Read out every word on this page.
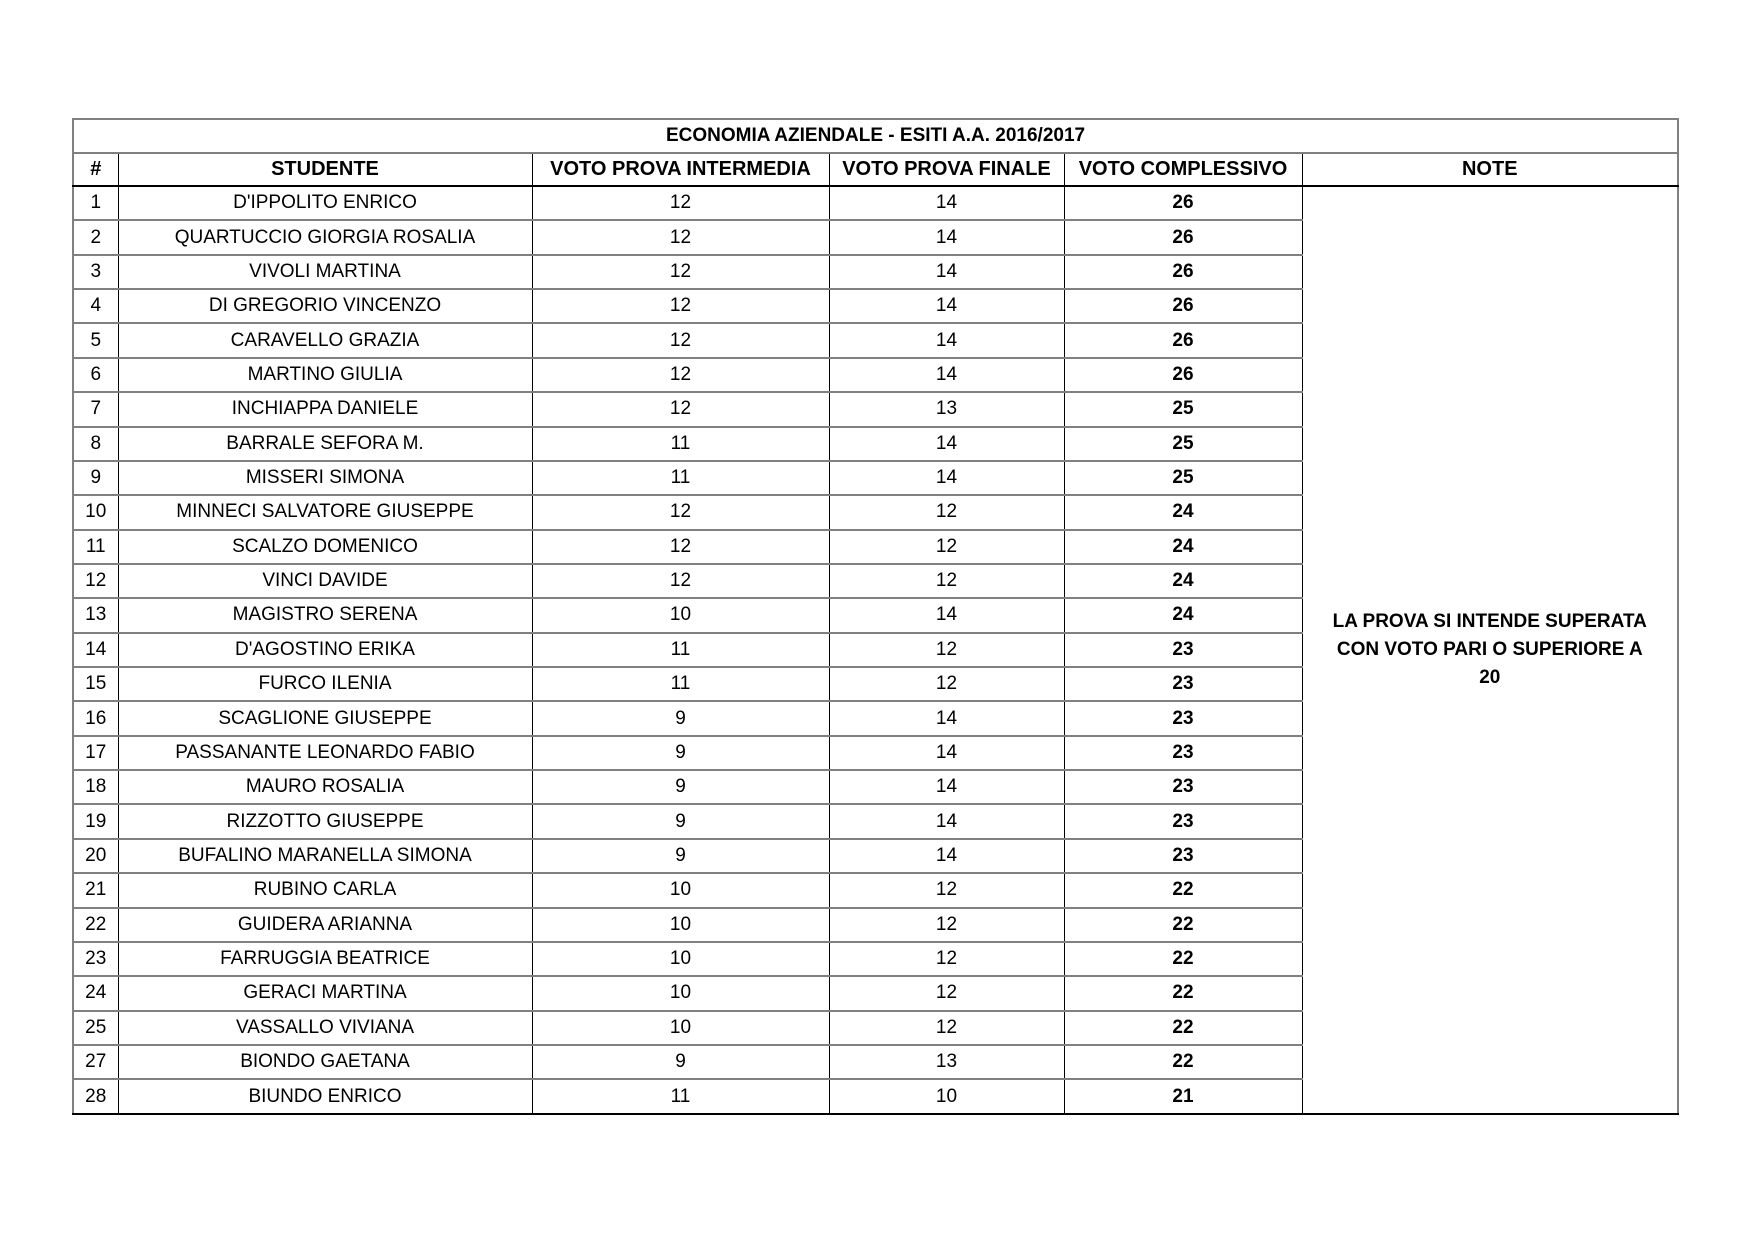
ECONOMIA AZIENDALE - ESITI A.A. 2016/2017					
#	STUDENTE	VOTO PROVA INTERMEDIA	VOTO PROVA FINALE	VOTO COMPLESSIVO	NOTE
1	D'IPPOLITO ENRICO	12	14	26	LA PROVA SI INTENDE SUPERATA
CON VOTO PARI O SUPERIORE A
20

2	QUARTUCCIO GIORGIA ROSALIA	12	14	26	
3	VIVOLI MARTINA	12	14	26	
4	DI GREGORIO VINCENZO	12	14	26	
5	CARAVELLO GRAZIA	12	14	26	
6	MARTINO GIULIA	12	14	26	
7	INCHIAPPA DANIELE	12	13	25	
8	BARRALE SEFORA M.	11	14	25	
9	MISSERI SIMONA	11	14	25	
10	MINNECI SALVATORE GIUSEPPE	12	12	24	
11	SCALZO DOMENICO	12	12	24	
12	VINCI DAVIDE	12	12	24	
13	MAGISTRO SERENA	10	14	24	
14	D'AGOSTINO ERIKA	11	12	23	
15	FURCO ILENIA	11	12	23	
16	SCAGLIONE GIUSEPPE	9	14	23	
17	PASSANANTE LEONARDO FABIO	9	14	23	
18	MAURO ROSALIA	9	14	23	
19	RIZZOTTO GIUSEPPE	9	14	23	
20	BUFALINO MARANELLA SIMONA	9	14	23	
21	RUBINO CARLA	10	12	22	
22	GUIDERA ARIANNA	10	12	22	
23	FARRUGGIA BEATRICE	10	12	22	
24	GERACI MARTINA	10	12	22	
25	VASSALLO VIVIANA	10	12	22	
27	BIONDO GAETANA	9	13	22	
28	BIUNDO ENRICO	11	10	21	
